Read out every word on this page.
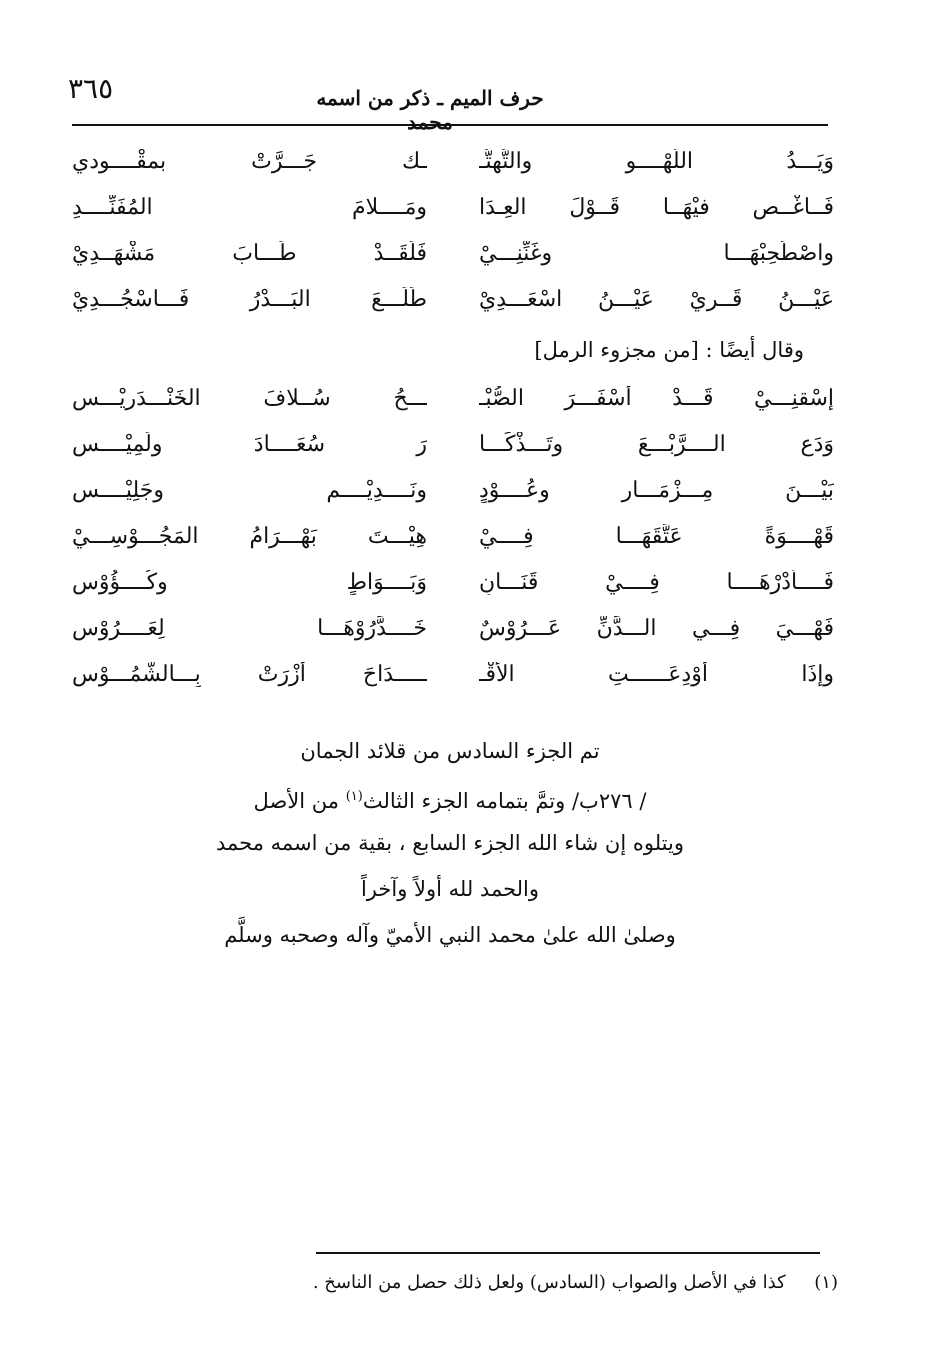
٣٦٥	حرف الميم ـ ذكر من اسمه محمد
وَيَـــدُ اللَّهْــــو والتَّهتُّـ
ـك جَـــرَّتْ بمقْــــودي
فَــاغْــص فيْهَــا قَــوْلَ العِـدَا
ومَــــلامَ المُفَنِّــــدِ
واصْطَحِبْهَـــا وغَنِّنِـــيْ
فَلَقَــدْ طَـــابَ مَشْهَــدِيْ
عَيْـــنُ قَــرِيْ عَيْـــنُ اسْعَـــدِيْ
طَلَـــعَ البَـــدْرُ فَـــاسْجُـــدِيْ
وقال أيضًا : [من مجزوء الرمل]
إسْقنِـــيْ قَـــدْ أسْفَـــرَ الصُّبْـ
ـــحُ سُــلافَ الخَنْـــدَرِيْـــس
وَدَعِ الــــرَّبْـــعَ وتَـــذْكَـــا
رَ سُعَــــادَ ولَمِيْــــس
بَيْـــنَ مِـــزْمَـــارٍ وعُــــوْدٍ
ونَــــدِيْــــمٍ وجَلِيْــــس
قَهْــــوَةً عَتَّقَهَـــا فِــــيْ
هِيْـــتَ بَهْـــرَامُ المَجُـــوْسِـــيْ
فَــــأدْرْهَــــا فِــــيْ قَنَـــانٍ
وَبَــــوَاطٍ وكُــــؤُوْس
فَهْـــيَ فِـــي الـــدَّنِّ عَـــرُوْسٌ
خَــــدَّرُوْهَـــا لِعَــــرُوْس
وإذَا أوْدِعَــــــتِ الأقْـ
ـــــدَاحَ أزْرَتْ بِـــالشُّمُـــوْس
تم الجزء السادس من قلائد الجمان
/ ٢٧٦ب/ وتمَّ بتمامه الجزء الثالث$^{(١)}$ من الأصل
ويتلوه إن شاء الله الجزء السابع ، بقية من اسمه محمد
والحمد لله أولاً وآخراً
وصلىٰ الله علىٰ محمد النبي الأميّ وآله وصحبه وسلَّم
(١)     كذا في الأصل والصواب (السادس) ولعل ذلك حصل من الناسخ .
